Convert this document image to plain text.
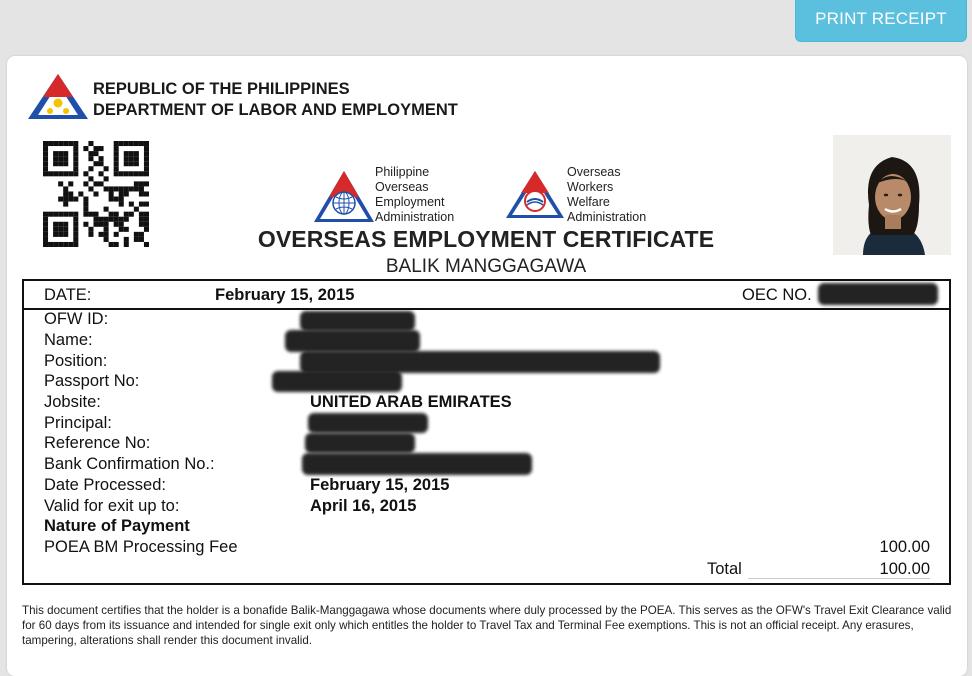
PRINT RECEIPT
REPUBLIC OF THE PHILIPPINES
DEPARTMENT OF LABOR AND EMPLOYMENT
Philippine
Overseas
Employment
Administration
Overseas
Workers
Welfare
Administration
OVERSEAS EMPLOYMENT CERTIFICATE
BALIK MANGGAGAWA
DATE:	February 15, 2015	OEC NO.
OFW ID:
Name:
Position:
Passport No:
Jobsite:	UNITED ARAB EMIRATES
Principal:
Reference No:
Bank Confirmation No.:
Date Processed:	February 15, 2015
Valid for exit up to:	April 16, 2015
Nature of Payment
POEA BM Processing Fee	100.00
Total	100.00
This document certifies that the holder is a bonafide Balik-Manggagawa whose documents where duly processed by the POEA. This serves as the OFW's Travel Exit Clearance valid for 60 days from its issuance and intended for single exit only which entitles the holder to Travel Tax and Terminal Fee exemptions. This is not an official receipt. Any erasures, tampering, alterations shall render this document invalid.
